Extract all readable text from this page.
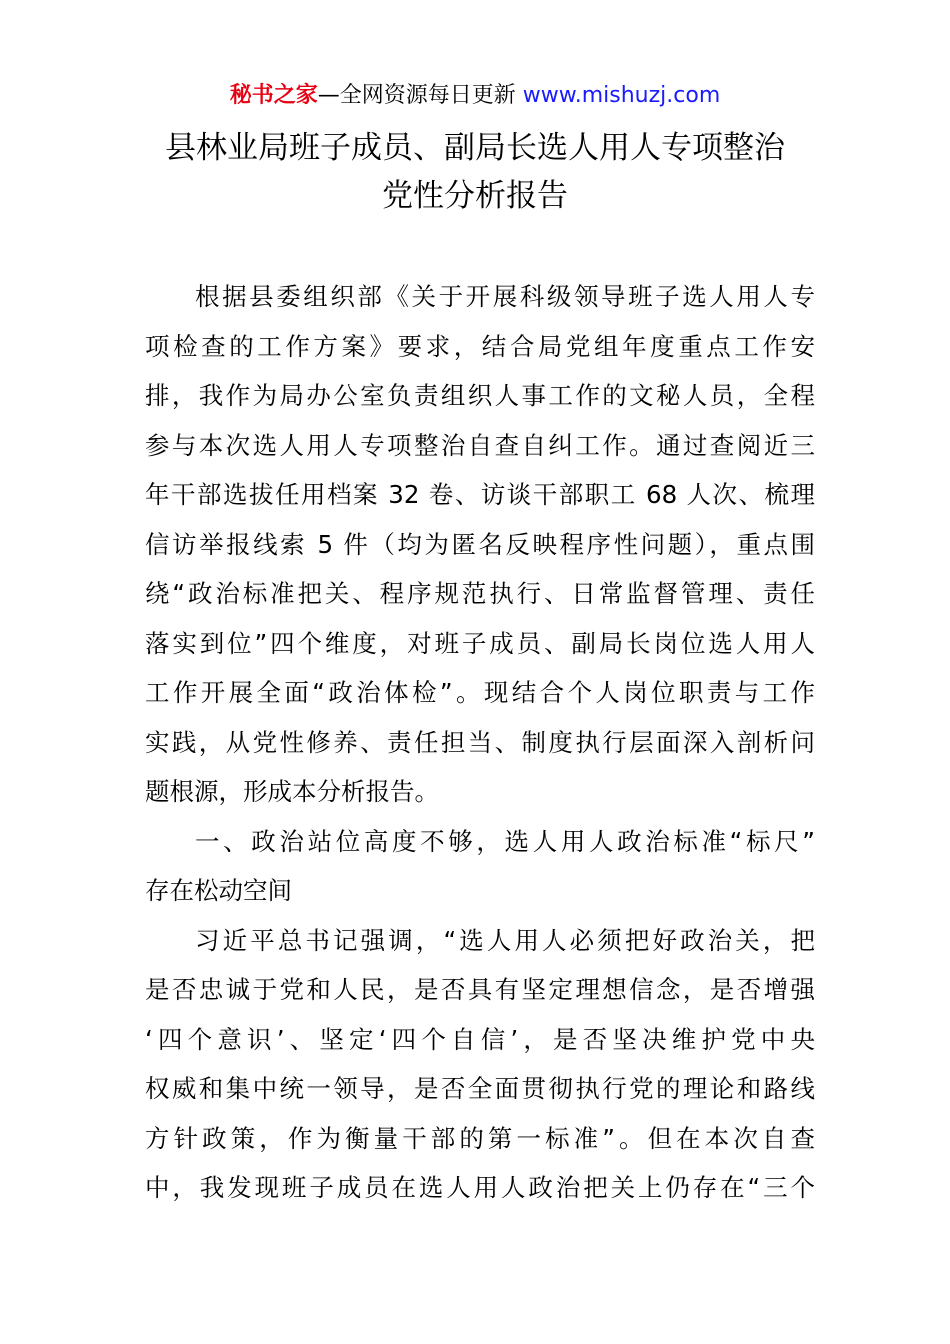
秘书之家—全网资源每日更新 www.mishuzj.com
县林业局班子成员、副局长选人用人专项整治
党性分析报告
根据县委组织部《关于开展科级领导班子选人用人专
项检查的工作方案》要求，结合局党组年度重点工作安
排，我作为局办公室负责组织人事工作的文秘人员，全程
参与本次选人用人专项整治自查自纠工作。通过查阅近三
年干部选拔任用档案 32 卷、访谈干部职工 68 人次、梳理
信访举报线索 5 件（均为匿名反映程序性问题），重点围
绕“政治标准把关、程序规范执行、日常监督管理、责任
落实到位”四个维度，对班子成员、副局长岗位选人用人
工作开展全面“政治体检”。现结合个人岗位职责与工作
实践，从党性修养、责任担当、制度执行层面深入剖析问
题根源，形成本分析报告。
一、政治站位高度不够，选人用人政治标准“标尺”
存在松动空间
习近平总书记强调，“选人用人必须把好政治关，把
是否忠诚于党和人民，是否具有坚定理想信念，是否增强
‘四个意识’、坚定‘四个自信’，是否坚决维护党中央
权威和集中统一领导，是否全面贯彻执行党的理论和路线
方针政策，作为衡量干部的第一标准”。但在本次自查
中，我发现班子成员在选人用人政治把关上仍存在“三个
